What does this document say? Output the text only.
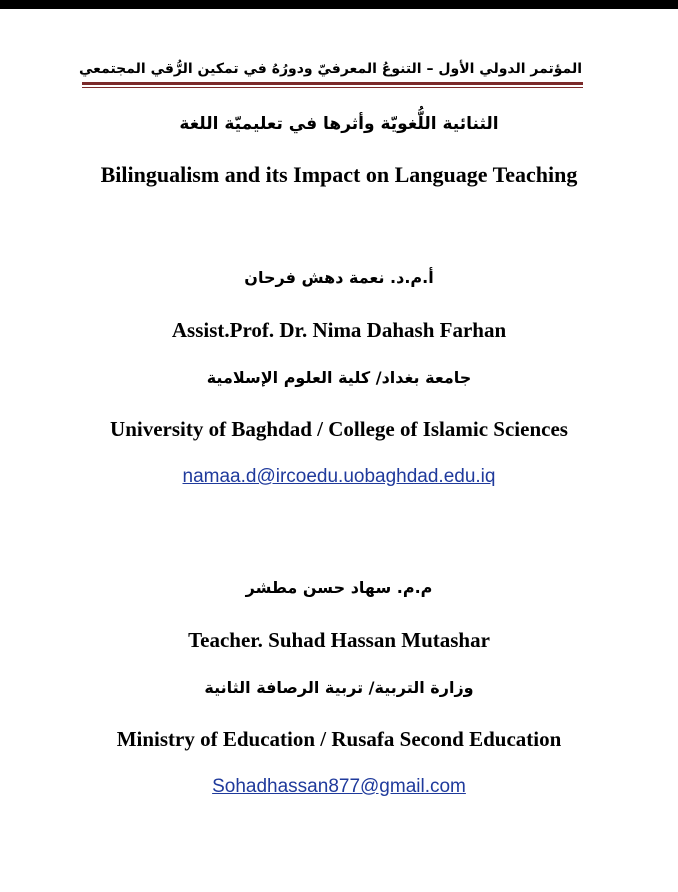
المؤتمر الدولي الأول – التنوعُ المعرفيّ ودورُهُ في تمكين الرُّقي المجتمعي
الثنائية اللُّغويّة وأثرها في تعليميّة اللغة
Bilingualism and its Impact on Language Teaching
أ.م.د. نعمة دهش فرحان
Assist.Prof. Dr. Nima Dahash Farhan
جامعة بغداد/ كلية العلوم الإسلامية
University of Baghdad / College of Islamic Sciences
namaa.d@ircoedu.uobaghdad.edu.iq
م.م. سهاد حسن مطشر
Teacher. Suhad Hassan Mutashar
وزارة التربية/ تربية الرصافة الثانية
Ministry of Education / Rusafa Second Education
Sohadhassan877@gmail.com
